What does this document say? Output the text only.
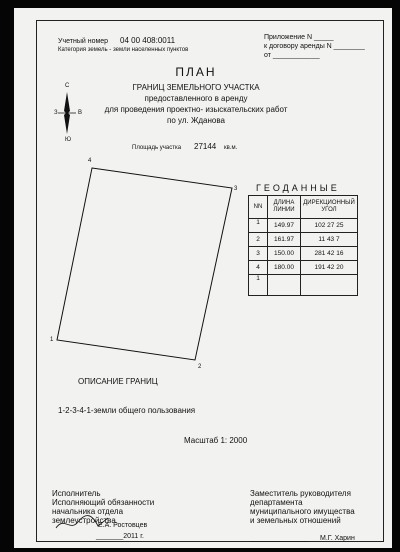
Учетный номер 04 00 408:0011
Категория земель - земли населенных пунктов
Приложение N _____
к договору аренды N ________
от ____________
ПЛАН
ГРАНИЦ ЗЕМЕЛЬНОГО УЧАСТКА
предоставленного в аренду
для проведения проектно- изыскательских работ
по ул. Жданова
С
Ю
З	В
Площадь участка 27144 кв.м.
4
3
2
1
ГЕОДАННЫЕ
NN	ДЛИНА ЛИНИИ	ДИРЕКЦИОННЫЙ УГОЛ
1	149.97	102 27 25
2	161.97	11 43 7
3	150.00	281 42 16
4	180.00	191 42 20
1		
ОПИСАНИЕ ГРАНИЦ
1-2-3-4-1-земли общего пользования
Масштаб 1: 2000
Исполнитель
Исполняющий обязанности
начальника отдела
землеустройства
Е.А. Ростовцев
_______2011 г.
Заместитель руководителя
департамента
муниципального имущества
и земельных отношений
_______________ М.Г. Харин
